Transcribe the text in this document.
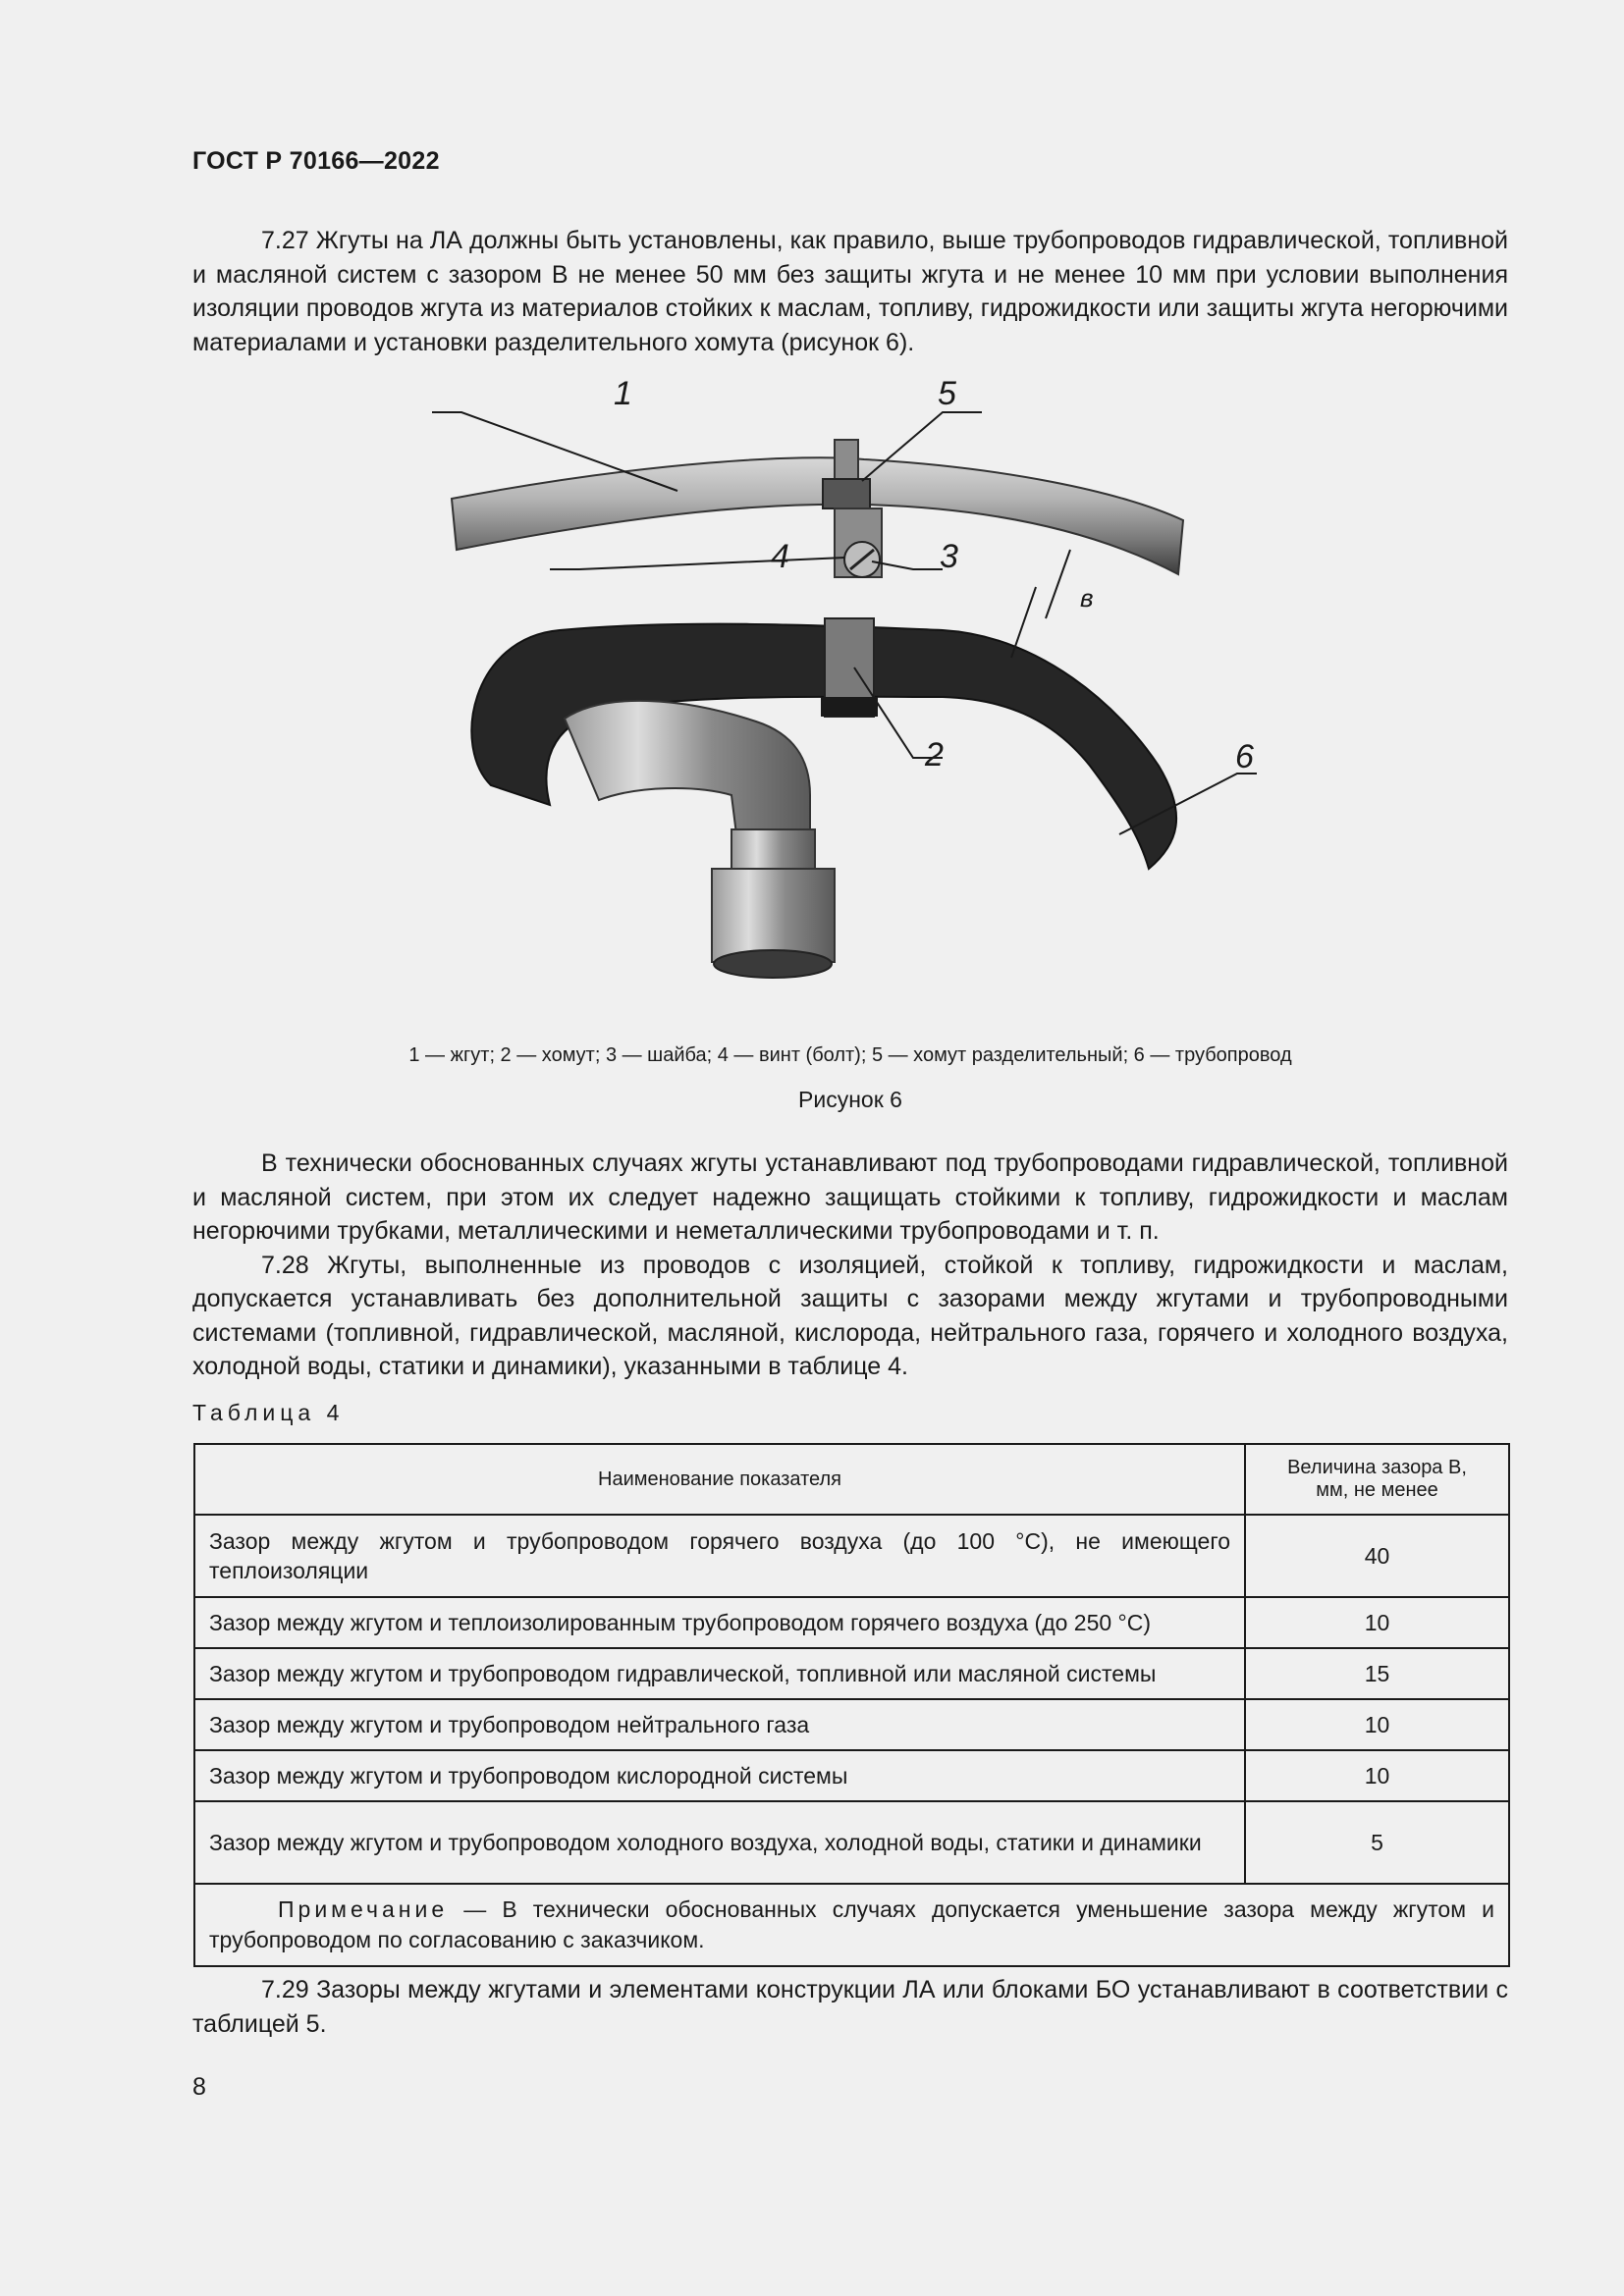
ГОСТ Р 70166—2022

7.27 Жгуты на ЛА должны быть установлены, как правило, выше трубопроводов гидравлической, топливной и масляной систем с зазором В не менее 50 мм без защиты жгута и не менее 10 мм при условии выполнения изоляции проводов жгута из материалов стойких к маслам, топливу, гидрожидкости или защиты жгута негорючими материалами и установки разделительного хомута (рисунок 6).

1	5
4	3
2	6
в
1 — жгут; 2 — хомут; 3 — шайба; 4 — винт (болт); 5 — хомут разделительный; 6 — трубопровод
Рисунок 6

В технически обоснованных случаях жгуты устанавливают под трубопроводами гидравлической, топливной и масляной систем, при этом их следует надежно защищать стойкими к топливу, гидрожидкости и маслам негорючими трубками, металлическими и неметаллическими трубопроводами и т. п.

7.28 Жгуты, выполненные из проводов с изоляцией, стойкой к топливу, гидрожидкости и маслам, допускается устанавливать без дополнительной защиты с зазорами между жгутами и трубопроводными системами (топливной, гидравлической, масляной, кислорода, нейтрального газа, горячего и холодного воздуха, холодной воды, статики и динамики), указанными в таблице 4.

Таблица 4
Наименование показателя	Величина зазора В,
мм, не менее

Зазор между жгутом и трубопроводом горячего воздуха (до 100 °С), не имеющего теплоизоляции	40
Зазор между жгутом и теплоизолированным трубопроводом горячего воздуха (до 250 °С)	10
Зазор между жгутом и трубопроводом гидравлической, топливной или масляной системы	15
Зазор между жгутом и трубопроводом нейтрального газа	10
Зазор между жгутом и трубопроводом кислородной системы	10
Зазор между жгутом и трубопроводом холодного воздуха, холодной воды, статики и динамики	5
Примечание — В технически обоснованных случаях допускается уменьшение зазора между жгутом и трубопроводом по согласованию с заказчиком.	

7.29 Зазоры между жгутами и элементами конструкции ЛА или блоками БО устанавливают в соответствии с таблицей 5.

8
